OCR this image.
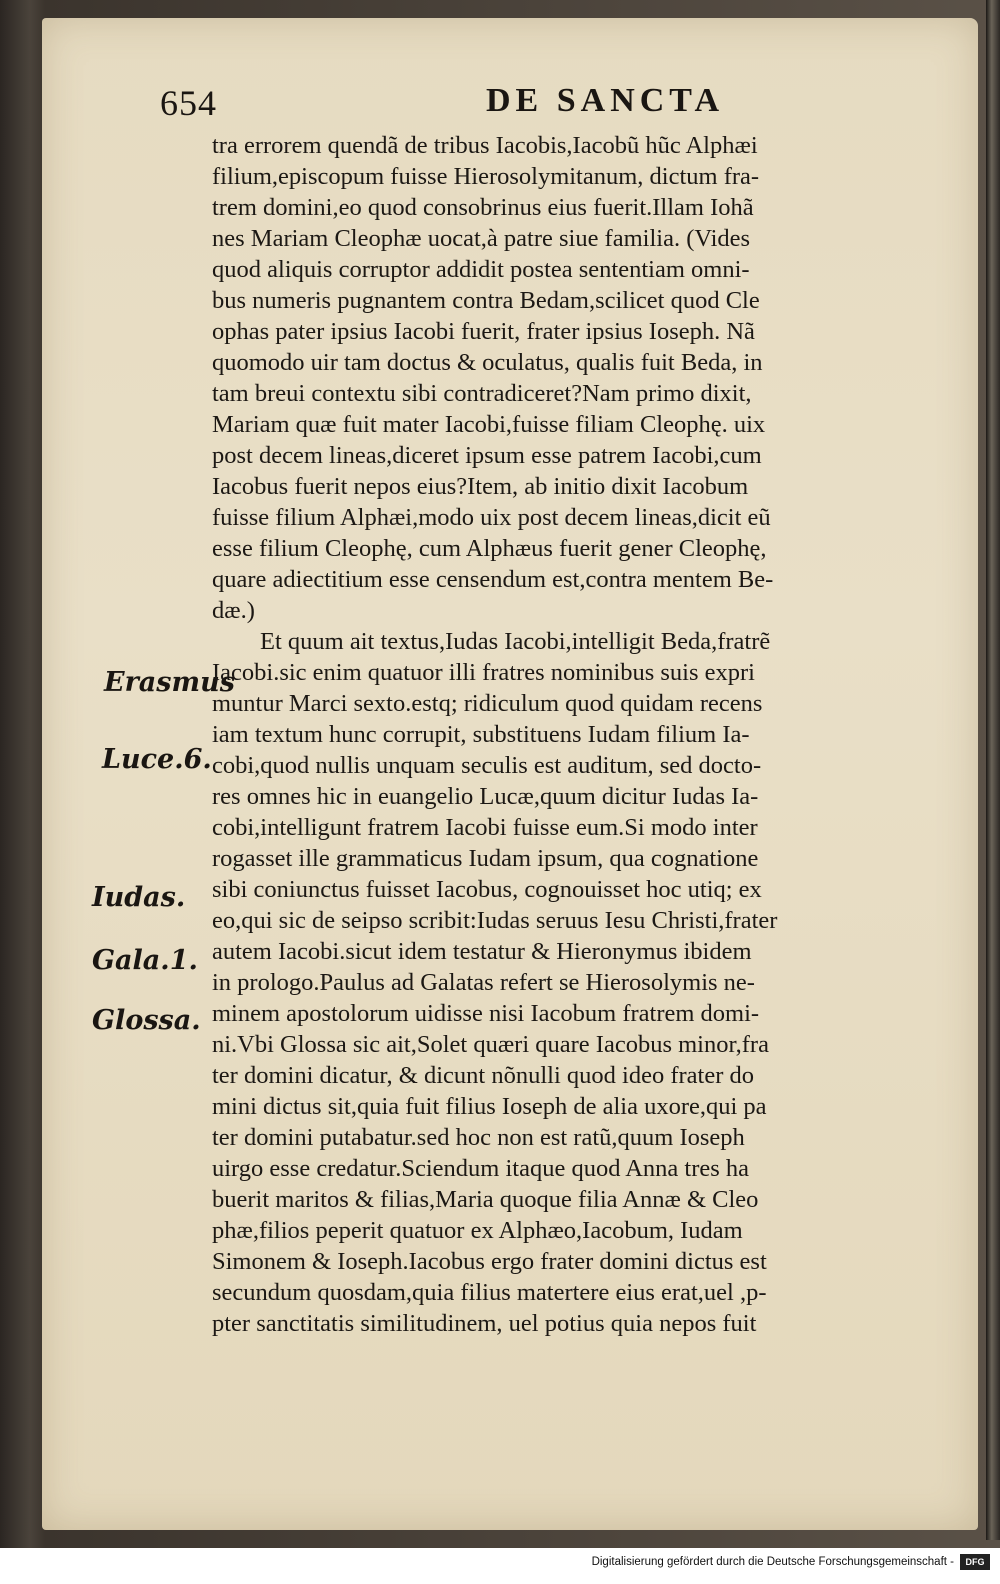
654	DE SANCTA
Erasmus
Luce.6.
Iudas.
Gala.1.
Glossa.
tra errorem quendã de tribus Iacobis,Iacobũ hũc Alphæi
filium,episcopum fuisse Hierosolymitanum, dictum fra-
trem domini,eo quod consobrinus eius fuerit.Illam Iohã
nes Mariam Cleophæ uocat,à patre siue familia. (Vides
quod aliquis corruptor addidit postea sententiam omni-
bus numeris pugnantem contra Bedam,scilicet quod Cle
ophas pater ipsius Iacobi fuerit, frater ipsius Ioseph. Nã
quomodo uir tam doctus & oculatus, qualis fuit Beda, in
tam breui contextu sibi contradiceret?Nam primo dixit,
Mariam quæ fuit mater Iacobi,fuisse filiam Cleophę. uix
post decem lineas,diceret ipsum esse patrem Iacobi,cum
Iacobus fuerit nepos eius?Item, ab initio dixit Iacobum
fuisse filium Alphæi,modo uix post decem lineas,dicit eũ
esse filium Cleophę, cum Alphæus fuerit gener Cleophę,
quare adiectitium esse censendum est,contra mentem Be-
dæ.)
Et quum ait textus,Iudas Iacobi,intelligit Beda,fratrẽ
Iacobi.sic enim quatuor illi fratres nominibus suis expri
muntur Marci sexto.estq; ridiculum quod quidam recens
iam textum hunc corrupit, substituens Iudam filium Ia-
cobi,quod nullis unquam seculis est auditum, sed docto-
res omnes hic in euangelio Lucæ,quum dicitur Iudas Ia-
cobi,intelligunt fratrem Iacobi fuisse eum.Si modo inter
rogasset ille grammaticus Iudam ipsum, qua cognatione
sibi coniunctus fuisset Iacobus, cognouisset hoc utiq; ex
eo,qui sic de seipso scribit:Iudas seruus Iesu Christi,frater
autem Iacobi.sicut idem testatur & Hieronymus ibidem
in prologo.Paulus ad Galatas refert se Hierosolymis ne-
minem apostolorum uidisse nisi Iacobum fratrem domi-
ni.Vbi Glossa sic ait,Solet quæri quare Iacobus minor,fra
ter domini dicatur, & dicunt nõnulli quod ideo frater do
mini dictus sit,quia fuit filius Ioseph de alia uxore,qui pa
ter domini putabatur.sed hoc non est ratũ,quum Ioseph
uirgo esse credatur.Sciendum itaque quod Anna tres ha
buerit maritos & filias,Maria quoque filia Annæ & Cleo
phæ,filios peperit quatuor ex Alphæo,Iacobum, Iudam
Simonem & Ioseph.Iacobus ergo frater domini dictus est
secundum quosdam,quia filius matertere eius erat,uel ,p-
pter sanctitatis similitudinem, uel potius quia nepos fuit
Digitalisierung gefördert durch die Deutsche Forschungsgemeinschaft -	DFG
